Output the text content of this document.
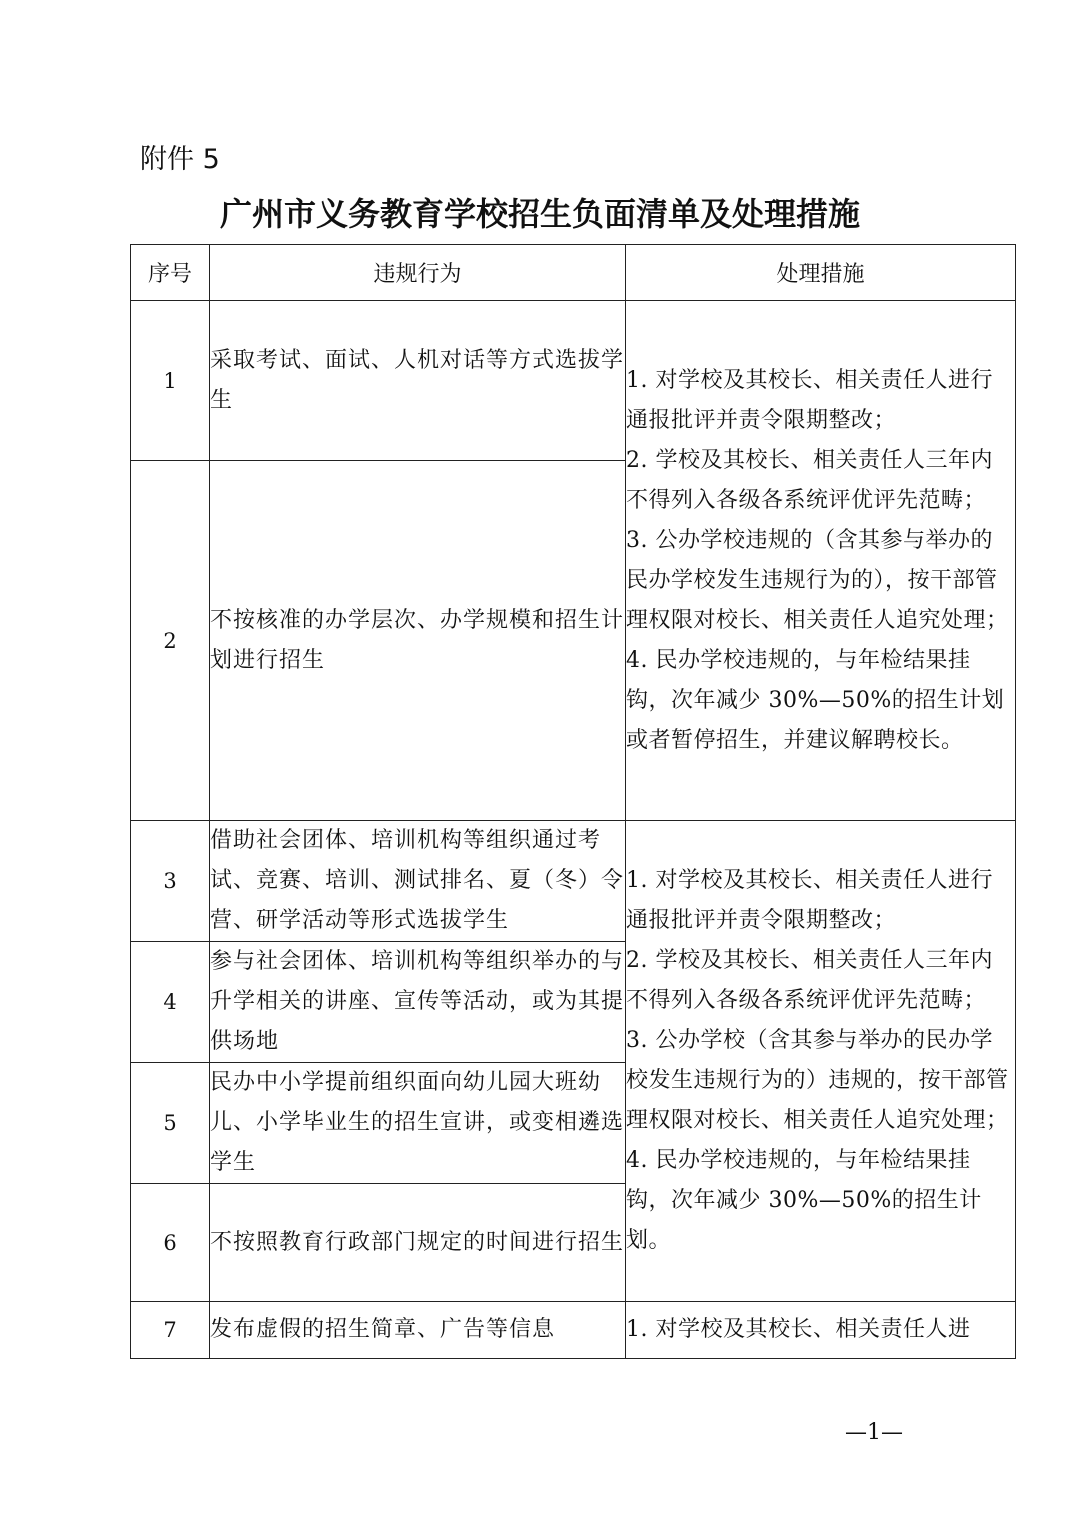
附件 5

广州市义务教育学校招生负面清单及处理措施
序号	违规行为	处理措施
1	采取考试、面试、人机对话等方式选拔学生	1. 对学校及其校长、相关责任人进行通报批评并责令限期整改；
2. 学校及其校长、相关责任人三年内不得列入各级各系统评优评先范畴；
3. 公办学校违规的（含其参与举办的民办学校发生违规行为的），按干部管理权限对校长、相关责任人追究处理；
4. 民办学校违规的，与年检结果挂钩，次年减少 30%—50%的招生计划或者暂停招生，并建议解聘校长。

2	不按核准的办学层次、办学规模和招生计划进行招生	
3	借助社会团体、培训机构等组织通过考试、竞赛、培训、测试排名、夏（冬）令营、研学活动等形式选拔学生	1. 对学校及其校长、相关责任人进行通报批评并责令限期整改；
2. 学校及其校长、相关责任人三年内不得列入各级各系统评优评先范畴；
3. 公办学校（含其参与举办的民办学校发生违规行为的）违规的，按干部管理权限对校长、相关责任人追究处理；
4. 民办学校违规的，与年检结果挂钩，次年减少 30%—50%的招生计划。

4	参与社会团体、培训机构等组织举办的与升学相关的讲座、宣传等活动，或为其提供场地	
5	民办中小学提前组织面向幼儿园大班幼儿、小学毕业生的招生宣讲，或变相遴选学生	
6	不按照教育行政部门规定的时间进行招生	
7	发布虚假的招生简章、广告等信息	1. 对学校及其校长、相关责任人进

—1—
